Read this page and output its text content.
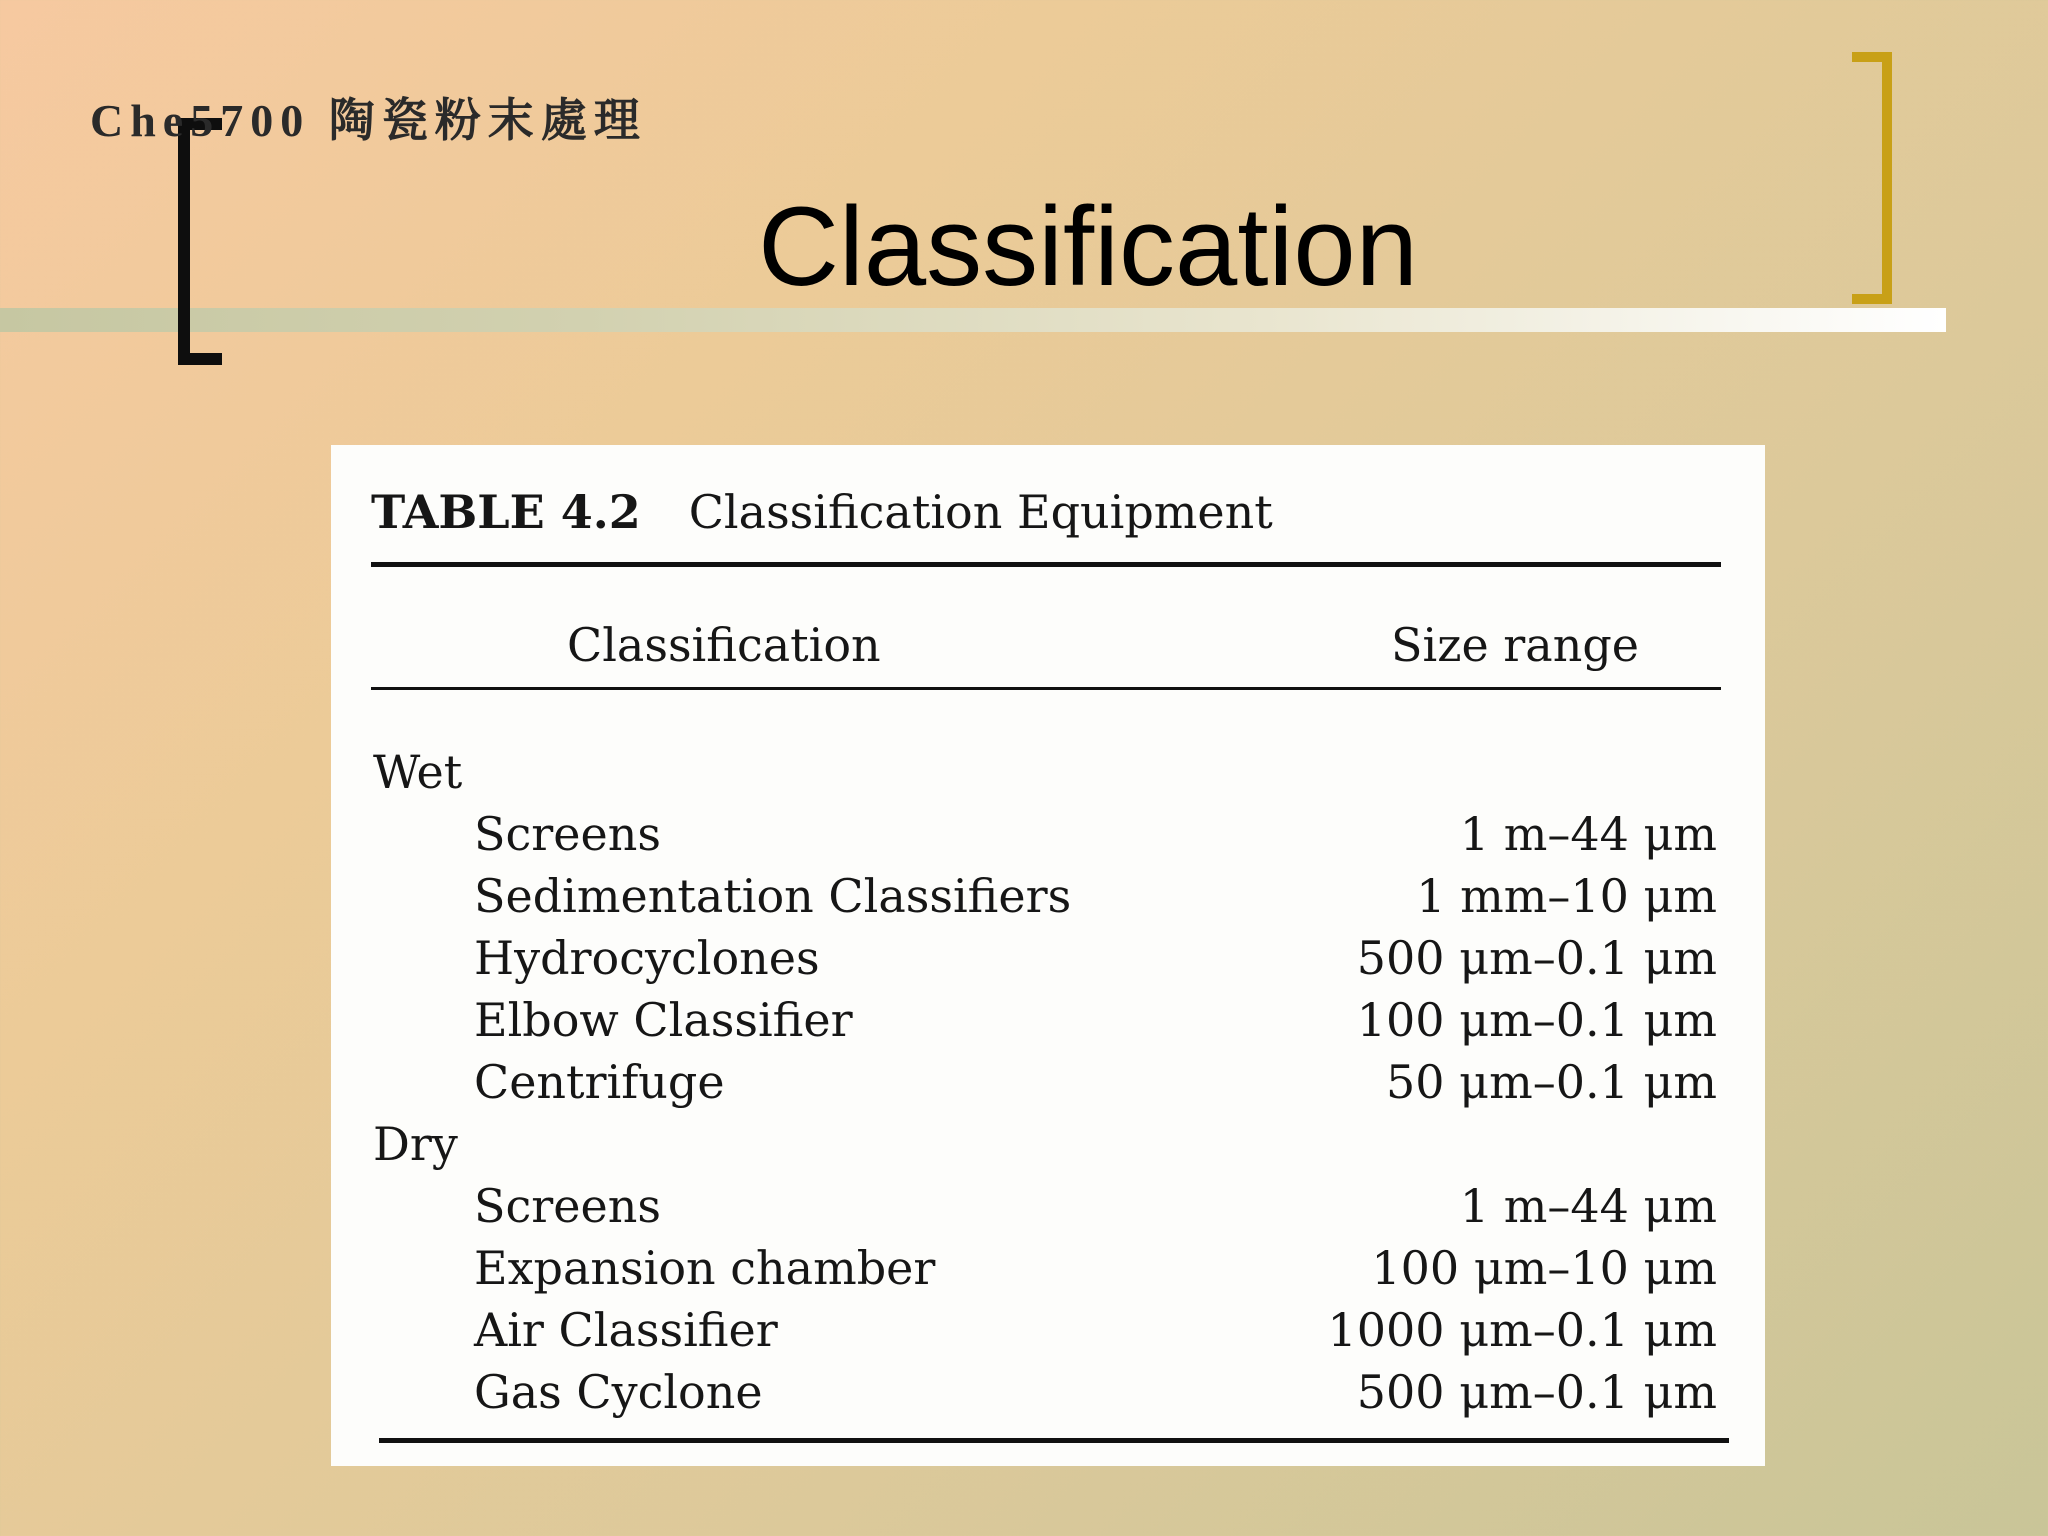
Che5700 陶瓷粉末處理
Classification
TABLE 4.2 Classification Equipment
Classification	Size range
Wet
Screens	1 m–44 μm
Sedimentation Classifiers	1 mm–10 μm
Hydrocyclones	500 μm–0.1 μm
Elbow Classifier	100 μm–0.1 μm
Centrifuge	50 μm–0.1 μm
Dry
Screens	1 m–44 μm
Expansion chamber	100 μm–10 μm
Air Classifier	1000 μm–0.1 μm
Gas Cyclone	500 μm–0.1 μm
